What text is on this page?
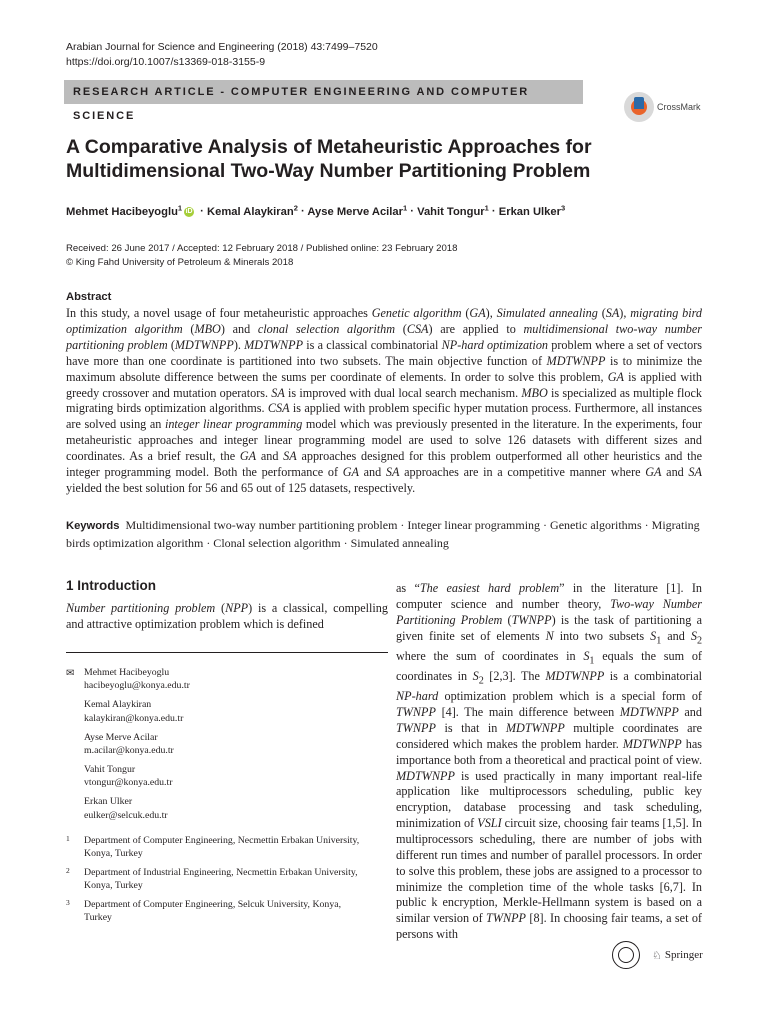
Arabian Journal for Science and Engineering (2018) 43:7499–7520
https://doi.org/10.1007/s13369-018-3155-9
RESEARCH ARTICLE - COMPUTER ENGINEERING AND COMPUTER SCIENCE
CrossMark
A Comparative Analysis of Metaheuristic Approaches for Multidimensional Two-Way Number Partitioning Problem
Mehmet Hacibeyoglu$^1$ iD · Kemal Alaykiran$^2$ · Ayse Merve Acilar$^1$ · Vahit Tongur$^1$ · Erkan Ulker$^3$
Received: 26 June 2017 / Accepted: 12 February 2018 / Published online: 23 February 2018
© King Fahd University of Petroleum & Minerals 2018
Abstract
In this study, a novel usage of four metaheuristic approaches Genetic algorithm (GA), Simulated annealing (SA), migrating bird optimization algorithm (MBO) and clonal selection algorithm (CSA) are applied to multidimensional two-way number partitioning problem (MDTWNPP). MDTWNPP is a classical combinatorial NP-hard optimization problem where a set of vectors have more than one coordinate is partitioned into two subsets. The main objective function of MDTWNPP is to minimize the maximum absolute difference between the sums per coordinate of elements. In order to solve this problem, GA is applied with greedy crossover and mutation operators. SA is improved with dual local search mechanism. MBO is specialized as multiple flock migrating birds optimization algorithms. CSA is applied with problem specific hyper mutation process. Furthermore, all instances are solved using an integer linear programming model which was previously presented in the literature. In the experiments, four metaheuristic approaches and integer linear programming model are used to solve 126 datasets with different sizes and coordinates. As a brief result, the GA and SA approaches designed for this problem outperformed all other heuristics and the integer programming model. Both the performance of GA and SA approaches are in a competitive manner where GA and SA yielded the best solution for 56 and 65 out of 125 datasets, respectively.
Keywords Multidimensional two-way number partitioning problem · Integer linear programming · Genetic algorithms · Migrating birds optimization algorithm · Clonal selection algorithm · Simulated annealing
1 Introduction
Number partitioning problem (NPP) is a classical, compelling and attractive optimization problem which is defined
✉ Mehmet Hacibeyoglu
hacibeyoglu@konya.edu.tr
Kemal Alaykiran
kalaykiran@konya.edu.tr
Ayse Merve Acilar
m.acilar@konya.edu.tr
Vahit Tongur
vtongur@konya.edu.tr
Erkan Ulker
eulker@selcuk.edu.tr
1 Department of Computer Engineering, Necmettin Erbakan University, Konya, Turkey
2 Department of Industrial Engineering, Necmettin Erbakan University, Konya, Turkey
3 Department of Computer Engineering, Selcuk University, Konya, Turkey
as “The easiest hard problem” in the literature [1]. In computer science and number theory, Two-way Number Partitioning Problem (TWNPP) is the task of partitioning a given finite set of elements N into two subsets $S_1$ and $S_2$ where the sum of coordinates in $S_1$ equals the sum of coordinates in $S_2$ [2,3]. The MDTWNPP is a combinatorial NP-hard optimization problem which is a special form of TWNPP [4]. The main difference between MDTWNPP and TWNPP is that in MDTWNPP multiple coordinates are considered which makes the problem harder. MDTWNPP has importance both from a theoretical and practical point of view. MDTWNPP is used practically in many important real-life application like multiprocessors scheduling, public key encryption, database processing and task scheduling, minimization of VSLI circuit size, choosing fair teams [1,5]. In multiprocessors scheduling, there are number of jobs with different run times and number of parallel processors. In order to solve this problem, these jobs are assigned to a processor to minimize the completion time of the whole tasks [6,7]. In public k encryption, Merkle-Hellmann system is based on a similar version of TWNPP [8]. In choosing fair teams, a set of persons with
♘ Springer
